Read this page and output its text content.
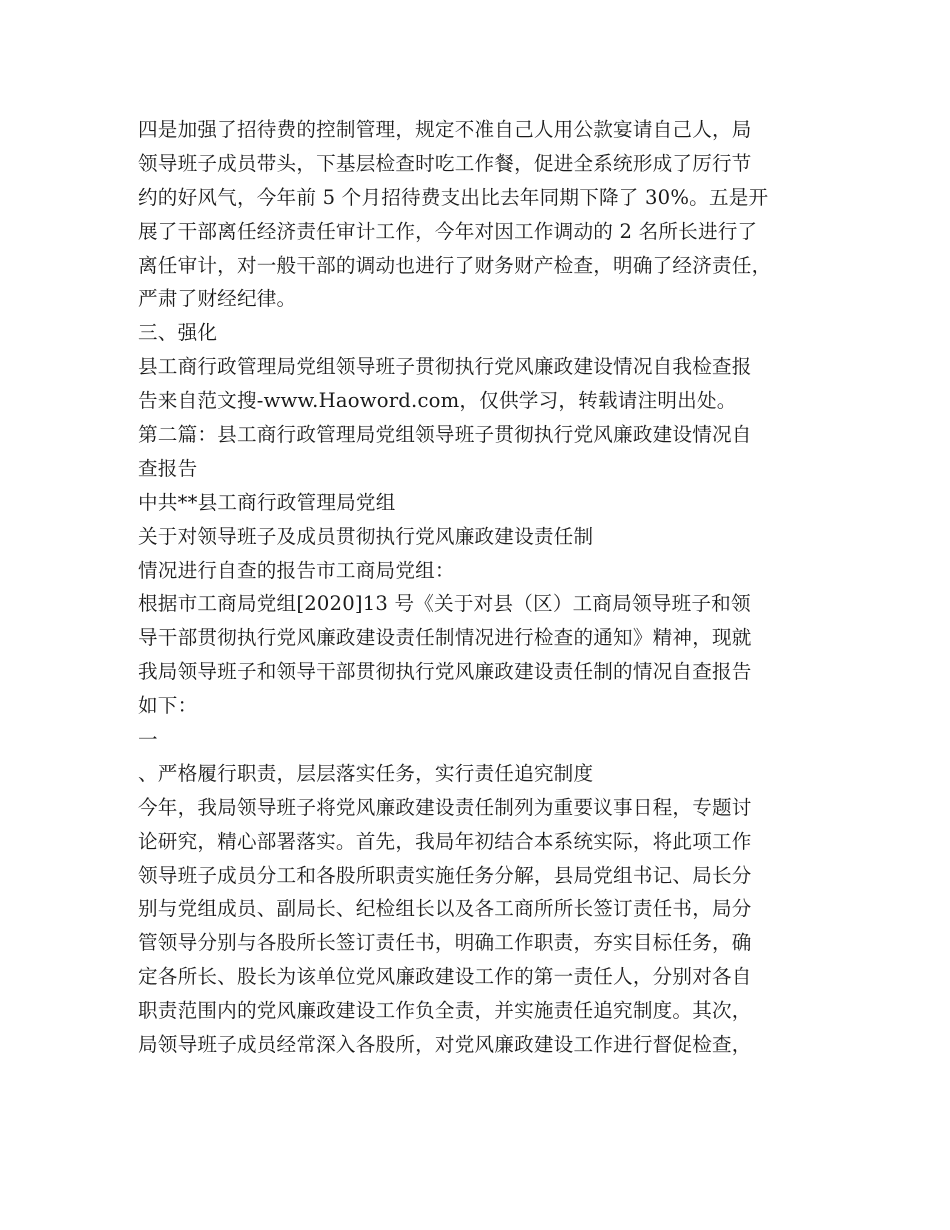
四是加强了招待费的控制管理，规定不准自己人用公款宴请自己人，局
领导班子成员带头，下基层检查时吃工作餐，促进全系统形成了厉行节
约的好风气，今年前 5 个月招待费支出比去年同期下降了 30%。五是开
展了干部离任经济责任审计工作，今年对因工作调动的 2 名所长进行了
离任审计，对一般干部的调动也进行了财务财产检查，明确了经济责任，
严肃了财经纪律。
三、强化
县工商行政管理局党组领导班子贯彻执行党风廉政建设情况自我检查报
告来自范文搜-www.Haoword.com，仅供学习，转载请注明出处。
第二篇：县工商行政管理局党组领导班子贯彻执行党风廉政建设情况自
查报告
中共**县工商行政管理局党组
关于对领导班子及成员贯彻执行党风廉政建设责任制
情况进行自查的报告市工商局党组：
根据市工商局党组[2020]13 号《关于对县（区）工商局领导班子和领
导干部贯彻执行党风廉政建设责任制情况进行检查的通知》精神，现就
我局领导班子和领导干部贯彻执行党风廉政建设责任制的情况自查报告
如下：
一
、严格履行职责，层层落实任务，实行责任追究制度
今年，我局领导班子将党风廉政建设责任制列为重要议事日程，专题讨
论研究，精心部署落实。首先，我局年初结合本系统实际，将此项工作
领导班子成员分工和各股所职责实施任务分解，县局党组书记、局长分
别与党组成员、副局长、纪检组长以及各工商所所长签订责任书，局分
管领导分别与各股所长签订责任书，明确工作职责，夯实目标任务，确
定各所长、股长为该单位党风廉政建设工作的第一责任人，分别对各自
职责范围内的党风廉政建设工作负全责，并实施责任追究制度。其次，
局领导班子成员经常深入各股所，对党风廉政建设工作进行督促检查，
